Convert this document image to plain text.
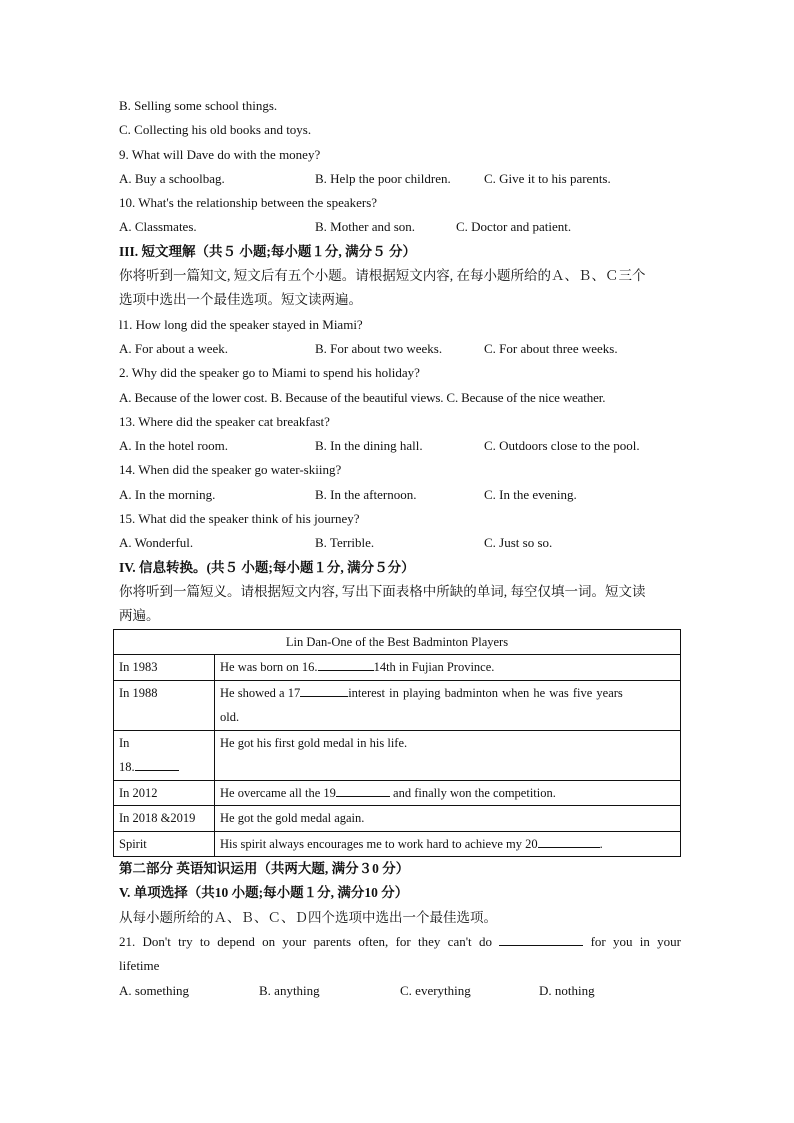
B. Selling some school things.
C. Collecting his old books and toys.
9. What will Dave do with the money?
A. Buy a schoolbag.	B. Help the poor children.	C. Give it to his parents.
10. What's the relationship between the speakers?
A. Classmates.	B. Mother and son.	C. Doctor and patient.
III. 短文理解（共５ 小题;每小题１分, 满分５ 分）
你将听到一篇知文, 短文后有五个小题。请根据短文内容, 在每小题所给的Ａ、Ｂ、Ｃ三个
选项中选出一个最佳选项。短文读两遍。
l1. How long did the speaker stayed in Miami?
A. For about a week.	B. For about two weeks.	C. For about three weeks.
2. Why did the speaker go to Miami to spend his holiday?
A. Because of the lower cost. B. Because of the beautiful views. C. Because of the nice weather.
13. Where did the speaker cat breakfast?
A. In the hotel room.	B. In the dining hall.	C. Outdoors close to the pool.
14. When did the speaker go water-skiing?
A. In the morning.	B. In the afternoon.	C. In the evening.
15. What did the speaker think of his journey?
A. Wonderful.	B. Terrible.	C. Just so so.
IV. 信息转换。(共５ 小题;每小题１分, 满分５分）
你将听到一篇短义。请根据短文内容, 写出下面表格中所缺的单词, 每空仅填一词。短文读
两遍。
Lin Dan-One of the Best Badminton Players	
In 1983	He was born on 16. 14th in Fujian Province.
In 1988	He showed a 17 interest in playing badminton when he was five years
old.

In
18.	He got his first gold medal in his life.
In 2012	He overcame all the 19 and finally won the competition.
In 2018 &2019	He got the gold medal again.
Spirit	His spirit always encourages me to work hard to achieve my 20 .
第二部分 英语知识运用（共两大题, 满分３0 分）
V. 单项选择（共10 小题;每小题１分, 满分10 分）
从每小题所给的Ａ、Ｂ、Ｃ、Ｄ四个选项中选出一个最佳选项。
21. Don't try to depend on your parents often, for they can't do	for you in your
lifetime
A. something	B. anything	C. everything	D. nothing
